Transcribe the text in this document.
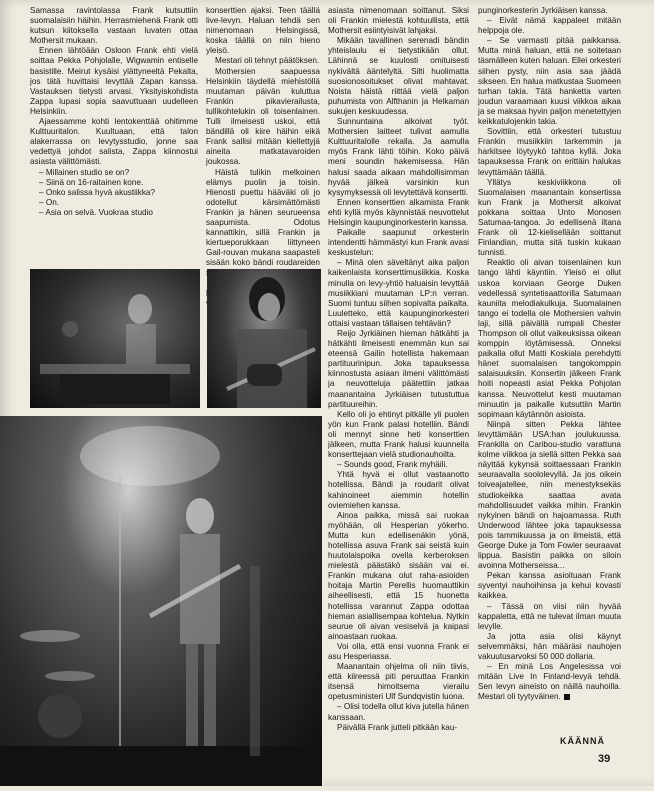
Samassa ravintolassa Frank kutsuttiin suomalaisiin häihin. Herrasmiehenä Frank otti kutsun kiitoksella vastaan luvaten ottaa Mothersit mukaan.

Ennen lähtöään Osloon Frank ehti vielä soittaa Pekka Pohjolalle, Wigwamin entiselle basistille. Meirut kysäisi ylättyneeltä Pekalta, jos tätä huvittaisi levyttää Zapan kanssa. Vastauksen tietysti arvasi. Yksityiskohdista Zappa lupasi sopia saavuttuaan uudelleen Helsinkiin.

Ajaessamme kohti lentokenttää ohitimme Kulttuuritalon. Kuultuaan, että talon alakerrassa on levytysstudio, jonne saa vedettyä johdot salista, Zappa kiinnostui asiasta välittömästi.

– Millainen studio se on?

– Siinä on 16-raitainen kone.

– Onko salissa hyvä akustiikka?

– On.

– Asia on selvä. Vuokraa studio

konserttien ajaksi. Teen täällä live-levyn. Haluan tehdä sen nimenomaan Helsingissä, koska täällä on niin hieno yleisö.

Mestari oli tehnyt päätöksen.

Mothersien saapuessa Helsinkiin täydellä miehistöllä muutaman päivän kuluttua Frankin pikavierailusta, tullikohtelukin oli toisenlainen. Tulli ilmeisesti uskoi, että bändillä oli kiire häihin eikä Frank sallisi mitään kiellettyjä aineita matkatavaroiden joukossa.

Häistä tulikin melkoinen elämys puolin ja toisin. Hienosti puettu hääväki oli jo odotellut kärsimättömästi Frankin ja hänen seurueensa saapumista. Odotus kannattikin, sillä Frankin ja kiertueporukkaan liittyneen Gail-rouvan mukana saapasteli sisään koko bändi roudareiden

asiasta nimenomaan soittanut. Siksi oli Frankin mielestä kohtuullista, että Mothersit esiintyisivät lahjaksi.

Mikään tavallinen serenadi bändin yhteislaulu ei tietystikään ollut. Lähinnä se kuulosti omituisesti nykivältä ääntelyltä. Silti huolimatta suosionosoitukset olivat mahtavat. Noista häistä riittää vielä paljon puhumista von Alfthanin ja Helkaman sukujen keskuudessa.

Sunnuntaina alkoivat työt. Mothersien laitteet tulivat aamulla Kulttuuritalolle rekalla. Ja aamulla myös Frank lähti töihin. Koko päivä meni soundin hakemisessa. Hän halusi saada aikaan mahdollisimman hyvää jälkeä varsinkin kun kysymyksessä oli levytettävä konsertti.

Ennen konserttien alkamista Frank ehti kyllä myös käynnistää neuvottelut Helsingin kaupunginorkesterin kanssa.

Paikalle saapunut orkesterin intendentti hämmästyi kun Frank avasi keskustelun:

– Minä olen säveltänyt aika paljon kaikenlaista konserttimusiikkia. Koska minulla on levy-yhtiö haluaisin levyttää musiikkiani muutaman LP:n verran. Suomi tuntuu siihen sopivalta paikalta. Luuletteko, että kaupunginorkesteri ottaisi vastaan tällaisen tehtävän?

Reijo Jyrkiäinen hieman hätkähti ja hätkähti ilmeisesti enemmän kun sai eteensä Gailin hotellista hakemaan partituurinipun. Joka tapauksessa kiinnostusta asiaan ilmeni välittömästi ja neuvotteluja päätettiin jatkaa maanantaina Jyrkiäisen tutustuttua partituureihin.

Kello oli jo ehtinyt pitkälle yli puolen yön kun Frank palasi hotelliin. Bändi oli mennyt sinne heti konserttien jälkeen, mutta Frank halusi kuunnella konserttejaan vielä studionauhoilta.

– Sounds good, Frank myhäili.

Yhtä hyvä ei ollut vastaanotto hotellissa. Bändi ja roudarit olivat kahinoineet aiemmin hotellin oviemiehen kanssa.

Ainoa paikka, missä sai ruokaa myöhään, oli Hesperian yökerho. Mutta kun edellisenäkin yönä, hotellissa asuva Frank sai seistä kuin huutolaispoika ovella kerberoksen mielestä päästäkö sisään vai ei. Frankin mukana olut raha-asioiden hoitaja Martin Perellis huomauttikin aiheellisesti, että 15 huonetta hotellissa varannut Zappa odottaa hieman asiallisempaa kohtelua. Nytkin seurue oli aivan vesiselvä ja kaipasi ainoastaan ruokaa.

Voi olla, että ensi vuonna Frank ei asu Hesperiassa.

Maanantain ohjelma oli niin tiivis, että kiireessä piti peruuttaa Frankin itsensä himoitsema vierailu opetusministeri Ulf Sundqvistin luona.

– Olisi todella ollut kiva jutella hänen kanssaan.

Päivällä Frank jutteli pitkään kau-

punginorkesterin Jyrkiäisen kanssa.

– Eivät nämä kappaleet mitään helppoja ole.

– Se varmasti pitää paikkansa. Mutta minä haluan, että ne soitetaan täsmälleen kuten haluan. Ellei orkesteri siihen pysty, niin asia saa jäädä sikseen. En halua matkustaa Suomeen turhan takia. Tätä hankettа varten joudun varaamaan kuusi viikkoa aikaa ja se maksaa hyvin paljon menetettyjen keikkatulojenkin takia.

Sovittiin, että orkesteri tutustuu Frankin musiikkiin tarkemmin ja harkitsee löytyykö tahtoa kyllä. Joka tapauksessa Frank on erittäin halukas levyttämään täällä.

Yllätys keskiviikkona oli Suomalaisen maanantain konsertissa kun Frank ja Mothersit alkoivat pokkana soittaa Unto Monosen Satumaa-tangoa. Jo edellisenä iltana Frank oli 12-kielisellään soittanut Finlandian, mutta sitä tuskin kukaan tunnisti.

Reaktio oli aivan toisenlainen kun tango lähti käyntiin. Yleisö ei ollut uskoa korviaan George Duken vedellessä syntetisaattorilla Satumaan kauniita melodiakulkuja. Suomalainen tango ei todella ole Mothersien vahvin laji, sillä päivällä rumpali Chester Thompson oli ollut vaikeuksissa oikean komppin löytämisessä. Onneksi paikalla ollut Matti Koskiala perehdytti hänet suomalaisen tangokomppin salaisuuksiin. Konsertin jälkeen Frank hoiti nopeasti asiat Pekka Pohjolan kanssa. Neuvottelut kesti muutaman minuutin ja paikalle kutsuttiin Martin sopimaan käytännön asioista.

Niinpä sitten Pekka lähtee levyttämään USA:han joulukuussa. Frankilla on Caribou-studio varattuna kolme viikkoa ja siellä sitten Pekka saa näyttää kykynsä soittaessaan Frankin seuraavalla soololevyllä. Ja jos oikein toiveajatellee, niin menestyksekäs studiokeikka saattaa avata mahdollisuudet vaikka mihin. Frankin nykyinen bändi on hajoamassa. Ruth Underwood lähtee joka tapauksessa pois tammikuussa ja on ilmeistä, että George Duke ja Tom Fowler seuraavat lippua. Basistin paikka on siloin avoinna Motherseissa...

Pekan kanssa asioituaan Frank syventyi nauhoihinsa ja kehui kovasti kaikkea.

– Tässä on viisi niin hyvää kappaletta, että ne tulevat ilman muuta levylle.

Ja jotta asia olisi käynyt selvemmäksi, hän määräsi nauhojen vakuutusarvoksi 50 000 dollaria.

– En minä Los Angelesissa voi mitään Live In Finland-levyä tehdä. Sen levyn aineisto on näillä nauhoilla. Mestari oli tyytyväinen.

KÄÄNNÄ
39
